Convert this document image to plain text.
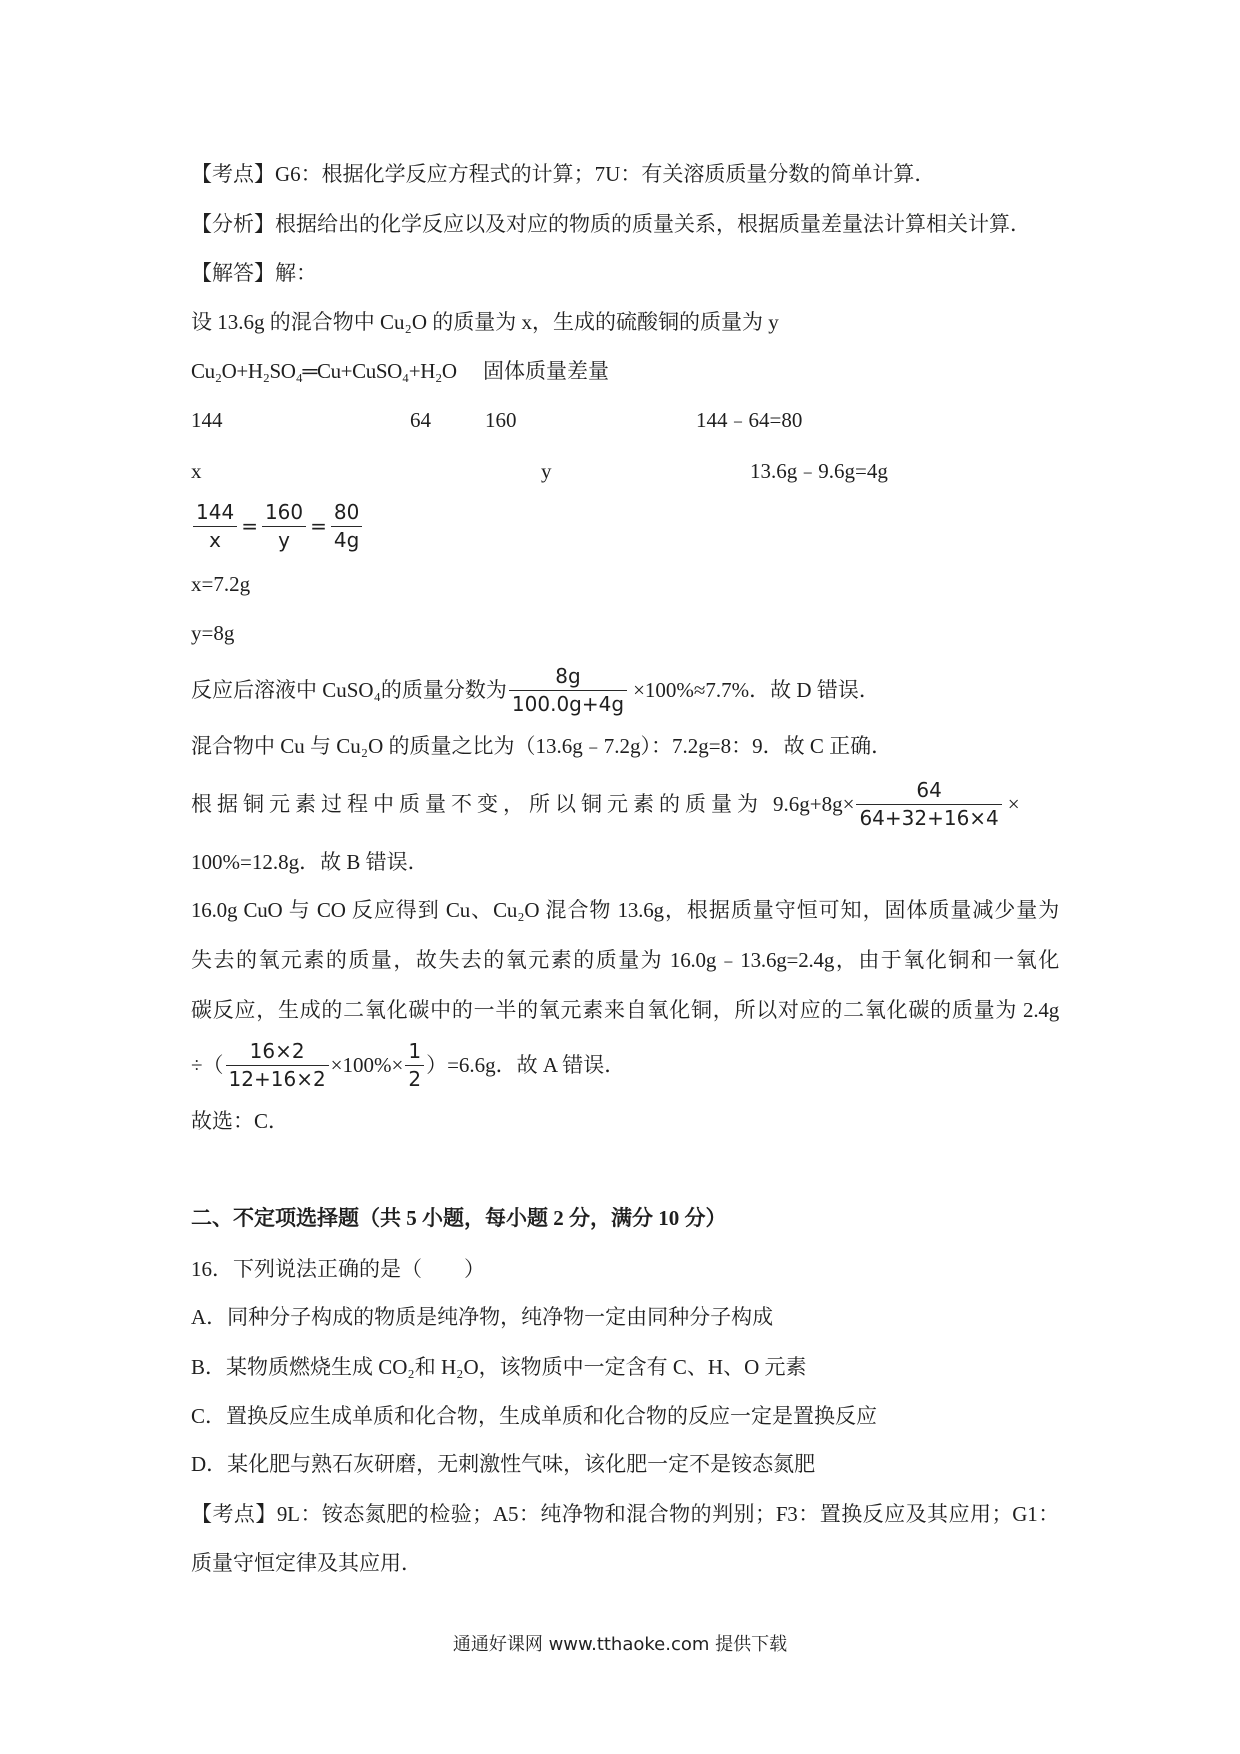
【考点】G6：根据化学反应方程式的计算；7U：有关溶质质量分数的简单计算．
【分析】根据给出的化学反应以及对应的物质的质量关系，根据质量差量法计算相关计算．
【解答】解：
设 13.6g 的混合物中 Cu₂O 的质量为 x，生成的硫酸铜的质量为 y
Cu₂O+H₂SO₄═Cu+CuSO₄+H₂O 固体质量差量
144	64	160	144﹣64=80
x	y	13.6g﹣9.6g=4g
$\frac{144}{x} = \frac{160}{y} = \frac{80}{4g}$
x=7.2g
y=8g
反应后溶液中 CuSO₄的质量分数为 $\frac{8g}{100.0g+4g} \times 100\%\approx 7.7\%$．故 D 错误．
混合物中 Cu 与 Cu₂O 的质量之比为（13.6g﹣7.2g）：7.2g=8：9．故 C 正确．
根据铜元素过程中质量不变，所以铜元素的质量为 $9.6g+8g\times \frac{64}{64+32+16\times 4}$ ×
100%=12.8g．故 B 错误．
16.0g CuO 与 CO 反应得到 Cu、Cu₂O 混合物 13.6g，根据质量守恒可知，固体质量减少量为
失去的氧元素的质量，故失去的氧元素的质量为 16.0g﹣13.6g=2.4g，由于氧化铜和一氧化
碳反应，生成的二氧化碳中的一半的氧元素来自氧化铜，所以对应的二氧化碳的质量为 2.4g
÷（ $\frac{16\times 2}{12+16\times 2} \times 100\%\times \frac{1}{2} )=6.6g$．故 A 错误．
故选：C．
二、不定项选择题（共 5 小题，每小题 2 分，满分 10 分）
16．下列说法正确的是（　　）
A．同种分子构成的物质是纯净物，纯净物一定由同种分子构成
B．某物质燃烧生成 CO₂和 H₂O，该物质中一定含有 C、H、O 元素
C．置换反应生成单质和化合物，生成单质和化合物的反应一定是置换反应
D．某化肥与熟石灰研磨，无刺激性气味，该化肥一定不是铵态氮肥
【考点】9L：铵态氮肥的检验；A5：纯净物和混合物的判别；F3：置换反应及其应用；G1：
质量守恒定律及其应用．
通通好课网 www.tthaoke.com 提供下载
